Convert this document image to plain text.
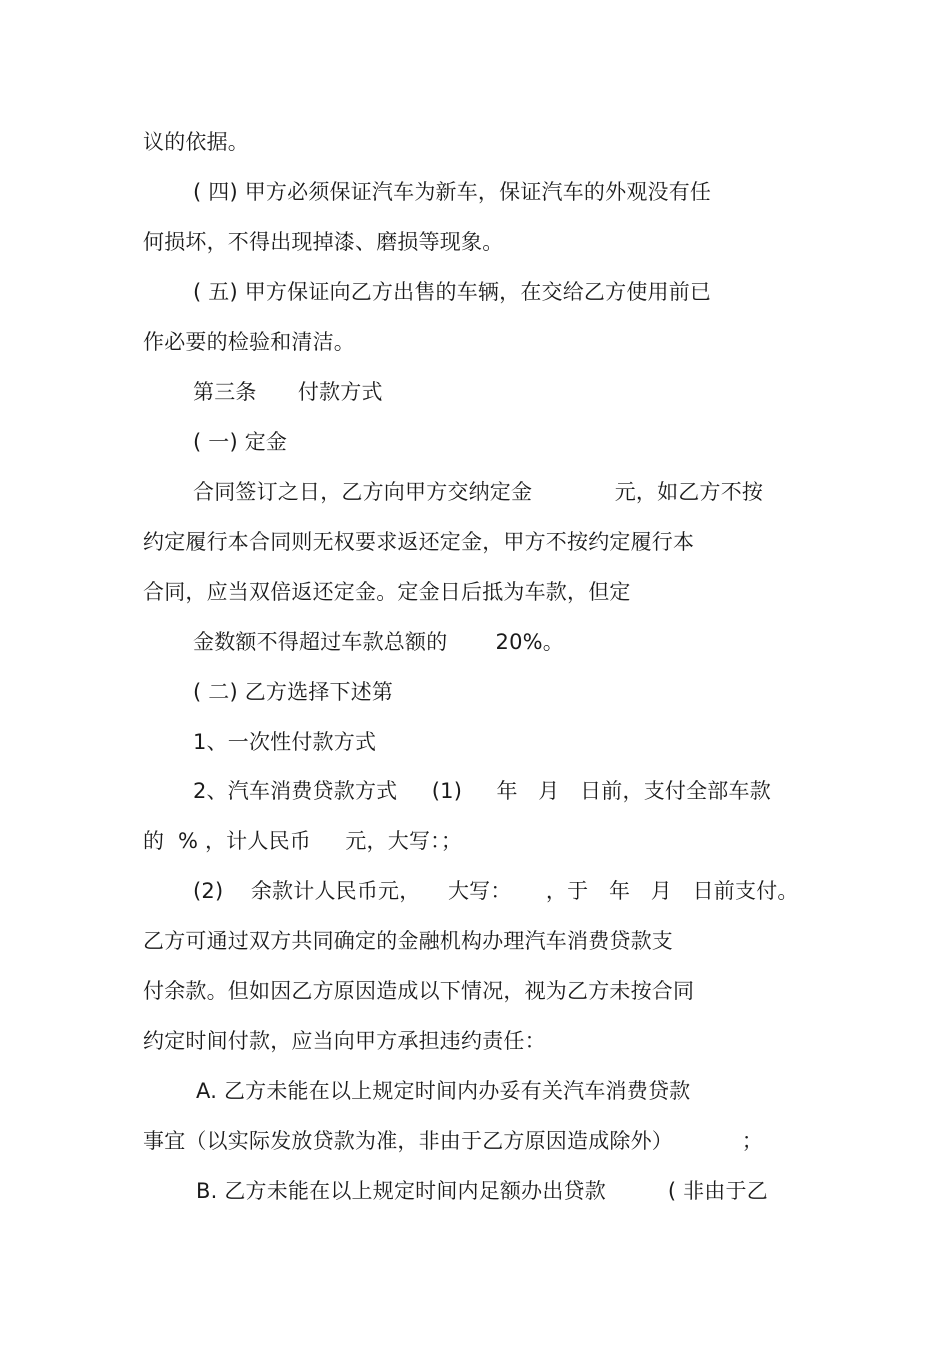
议的依据。
( 四) 甲方必须保证汽车为新车，保证汽车的外观没有任
何损坏，不得出现掉漆、磨损等现象。
( 五) 甲方保证向乙方出售的车辆，在交给乙方使用前已
作必要的检验和清洁。
第三条      付款方式
( 一) 定金
合同签订之日，乙方向甲方交纳定金            元，如乙方不按
约定履行本合同则无权要求返还定金，甲方不按约定履行本
合同，应当双倍返还定金。定金日后抵为车款，但定
金数额不得超过车款总额的       20%。
( 二) 乙方选择下述第
1、一次性付款方式
2、汽车消费贷款方式     (1)     年   月   日前，支付全部车款
的  % ，计人民币     元，大写：；
(2)    余款计人民币元，    大写：     ，于   年   月   日前支付。
乙方可通过双方共同确定的金融机构办理汽车消费贷款支
付余款。但如因乙方原因造成以下情况，视为乙方未按合同
约定时间付款，应当向甲方承担违约责任：
A. 乙方未能在以上规定时间内办妥有关汽车消费贷款
事宜（以实际发放贷款为准，非由于乙方原因造成除外）          ；
B. 乙方未能在以上规定时间内足额办出贷款         ( 非由于乙
